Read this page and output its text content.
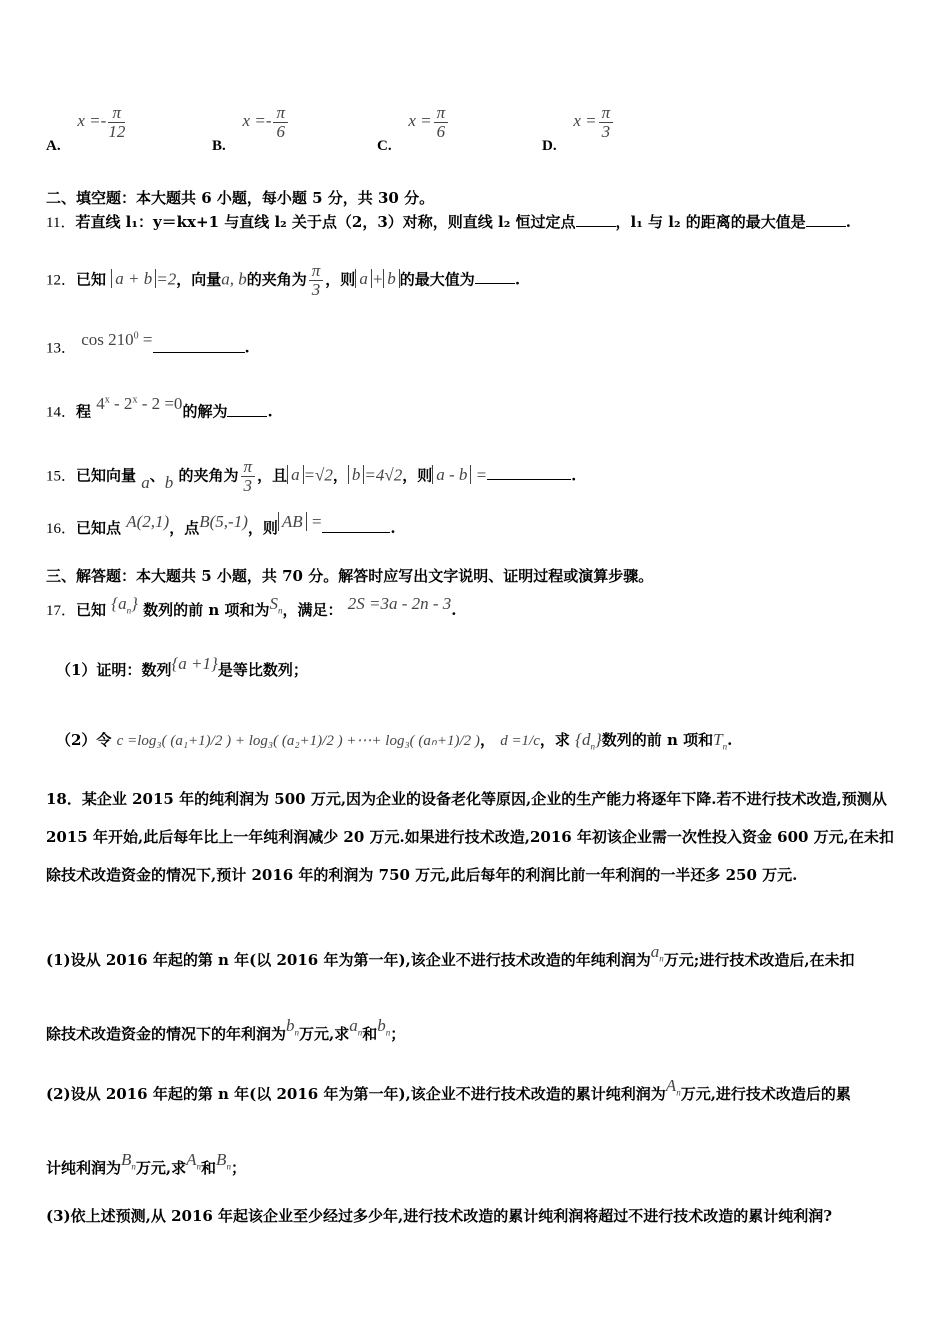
A. $x =- \frac{\pi}{12}$
B. $x =- \frac{\pi}{6}$
C. $x = \frac{\pi}{6}$
D. $x = \frac{\pi}{3}$
二、填空题：本大题共 6 小题，每小题 5 分，共 30 分。
11．若直线 l₁：y＝kx+1 与直线 l₂ 关于点（2，3）对称，则直线 l₂ 恒过定点	，l₁ 与 l₂ 的距离的最大值是	.
12．已知 a + b =2，向量a, b的夹角为 $\frac{\pi}{3}$ ，则 a + b 的最大值为	.
13． $\cos 210^0$ =	.
14．程 4$^x$ - 2$^x$ - 2 =0的解为	.
15．已知向量 a、b 的夹角为 $\frac{\pi}{3}$ ，且 a =√2， b =4√2，则 a - b =	.
16．已知点 A(2,1)，点B(5,-1)，则 AB =	.
三、解答题：本大题共 5 小题，共 70 分。解答时应写出文字说明、证明过程或演算步骤。
17．已知 $\{a_n\}$ 数列的前 n 项和为$S_n$，满足： 2S =3a - 2n - 3.
（1）证明：数列{a +1}是等比数列；
（2）令 c =log₃( (a₁+1)/2 ) + log₃( (a₂+1)/2 ) +⋯+ log₃( (aₙ+1)/2 )， d =1/c，求 $\{d_n\}$数列的前 n 项和$T_n$.
18．某企业 2015 年的纯利润为 500 万元,因为企业的设备老化等原因,企业的生产能力将逐年下降.若不进行技术改造,预测从 2015 年开始,此后每年比上一年纯利润减少 20 万元.如果进行技术改造,2016 年初该企业需一次性投入资金 600 万元,在未扣除技术改造资金的情况下,预计 2016 年的利润为 750 万元,此后每年的利润比前一年利润的一半还多 250 万元.
(1)设从 2016 年起的第 n 年(以 2016 年为第一年),该企业不进行技术改造的年纯利润为$a_n$万元;进行技术改造后,在未扣
除技术改造资金的情况下的年利润为$b_n$万元,求$a_n$和$b_n$；
(2)设从 2016 年起的第 n 年(以 2016 年为第一年),该企业不进行技术改造的累计纯利润为$A_n$万元,进行技术改造后的累
计纯利润为$B_n$万元,求$A_n$和$B_n$；
(3)依上述预测,从 2016 年起该企业至少经过多少年,进行技术改造的累计纯利润将超过不进行技术改造的累计纯利润?
